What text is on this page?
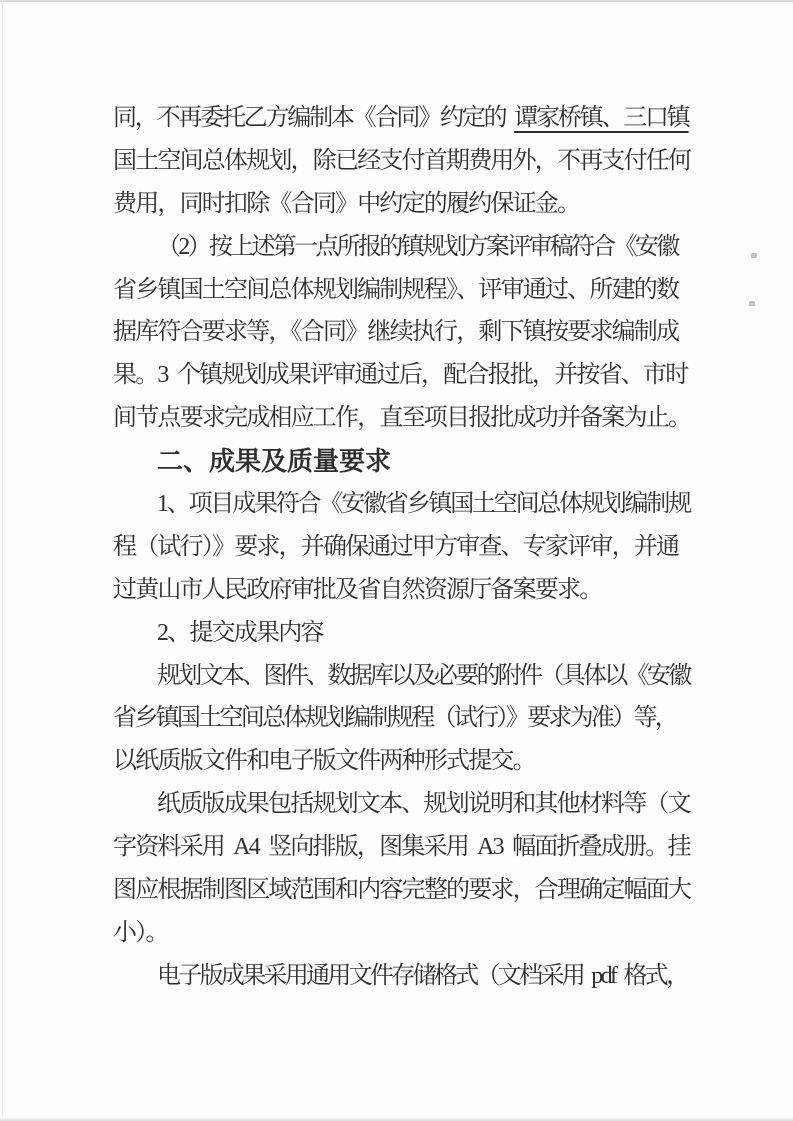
同，不再委托乙方编制本《合同》约定的 谭家桥镇、三口镇
国土空间总体规划，除已经支付首期费用外，不再支付任何
费用，同时扣除《合同》中约定的履约保证金。
（2）按上述第一点所报的镇规划方案评审稿符合《安徽
省乡镇国土空间总体规划编制规程》、评审通过、所建的数
据库符合要求等，《合同》继续执行，剩下镇按要求编制成
果。3 个镇规划成果评审通过后，配合报批，并按省、市时
间节点要求完成相应工作，直至项目报批成功并备案为止。
二、成果及质量要求
1、项目成果符合《安徽省乡镇国土空间总体规划编制规
程（试行）》要求，并确保通过甲方审查、专家评审，并通
过黄山市人民政府审批及省自然资源厅备案要求。
2、提交成果内容
规划文本、图件、数据库以及必要的附件（具体以《安徽
省乡镇国土空间总体规划编制规程（试行）》要求为准）等，
以纸质版文件和电子版文件两种形式提交。
纸质版成果包括规划文本、规划说明和其他材料等（文
字资料采用 A4 竖向排版，图集采用 A3 幅面折叠成册。挂
图应根据制图区域范围和内容完整的要求，合理确定幅面大
小）。
电子版成果采用通用文件存储格式（文档采用 pdf 格式，
